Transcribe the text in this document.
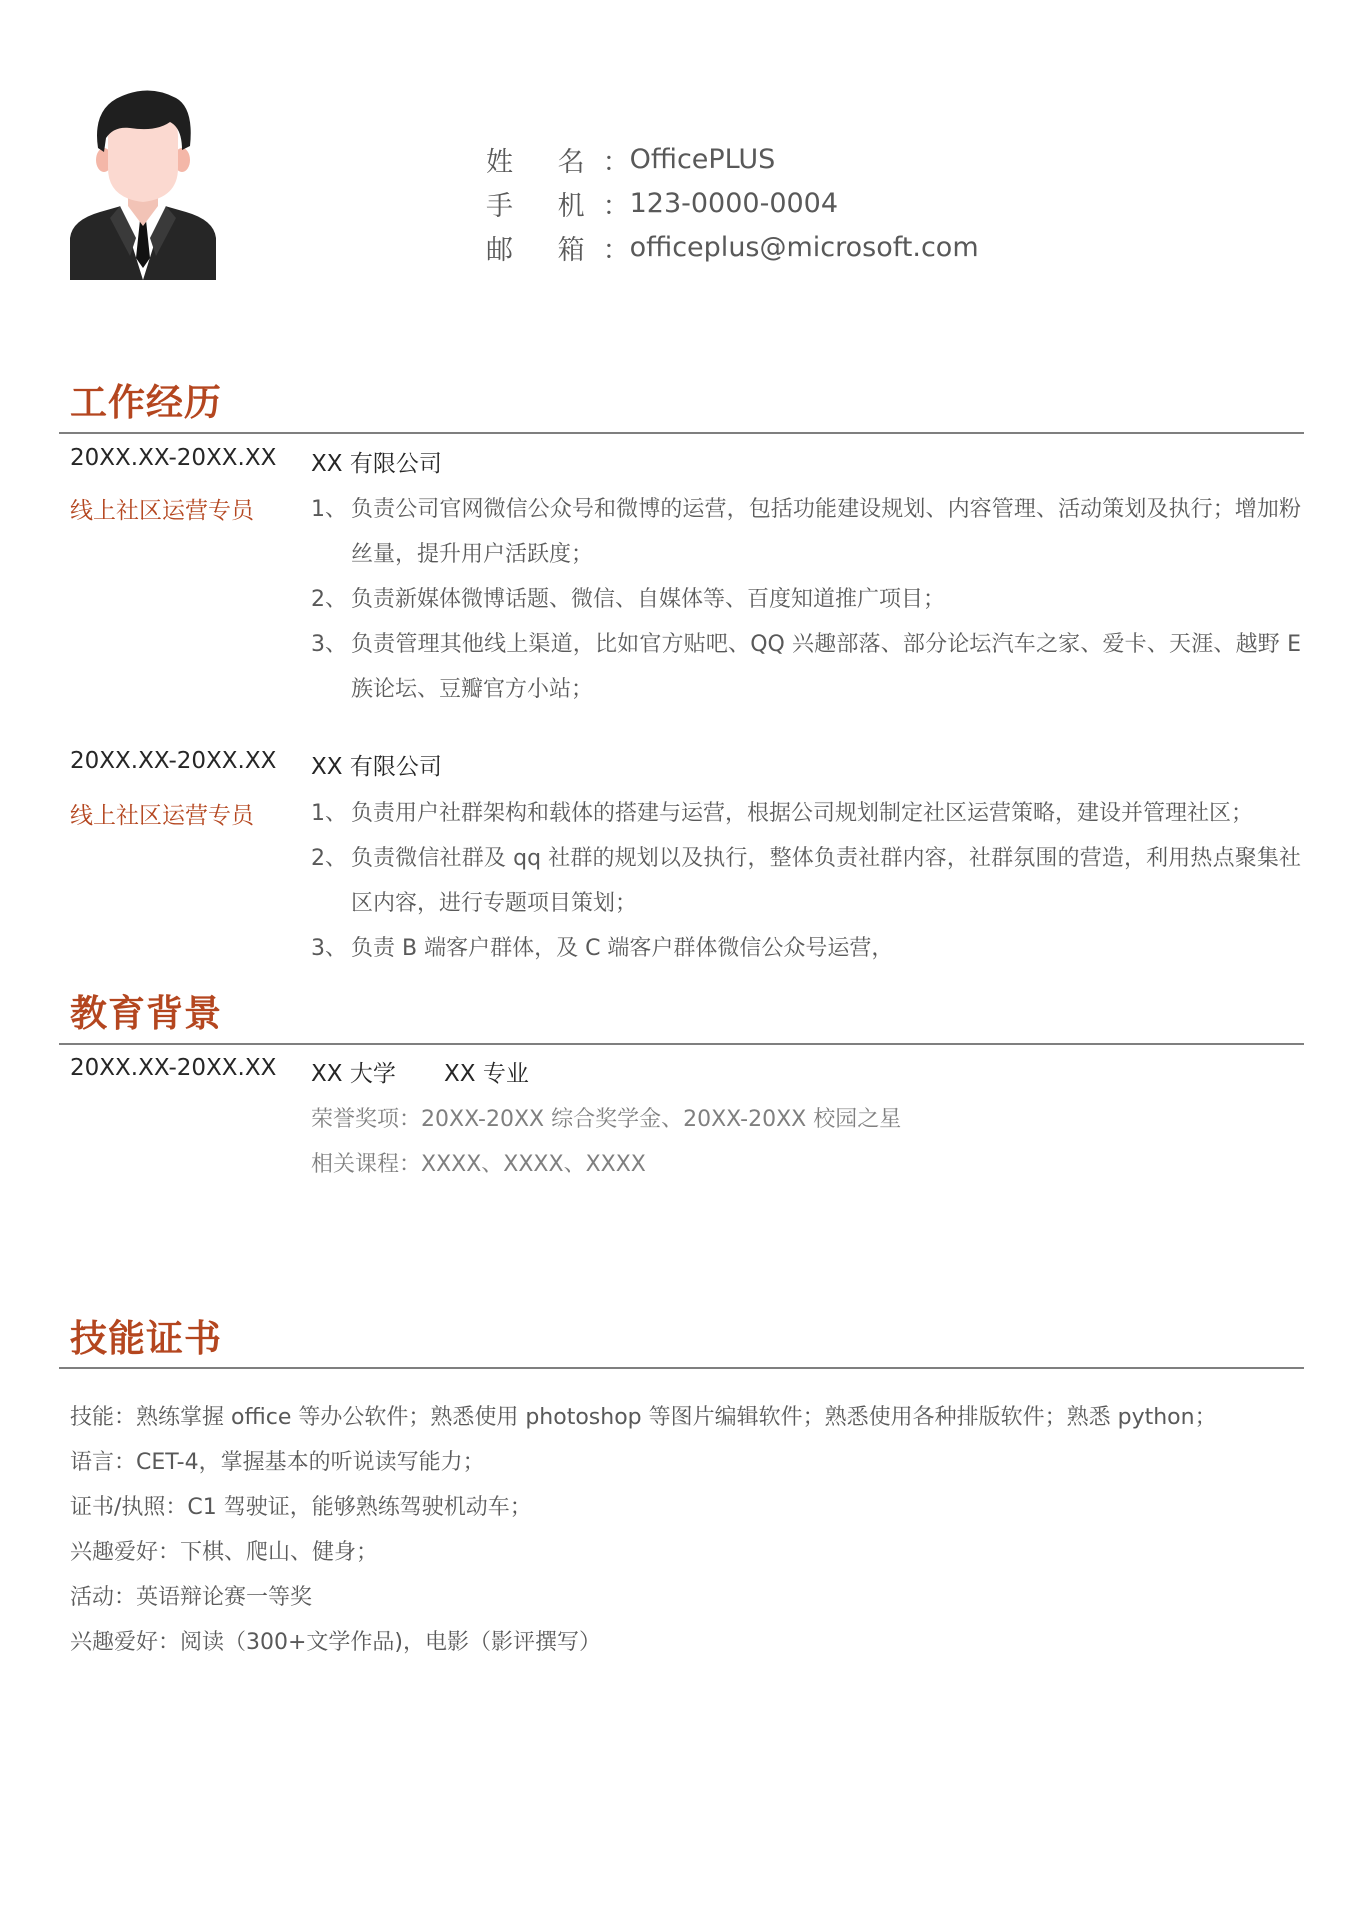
姓 名 ： OfficePLUS
手 机 ： 123-0000-0004
邮 箱 ： officeplus@microsoft.com
工作经历
20XX.XX-20XX.XX XX 有限公司
线上社区运营专员	1、 负责公司官网微信公众号和微博的运营，包括功能建设规划、内容管理、活动策划及执行；增加粉丝量，提升用户活跃度；
2、 负责新媒体微博话题、微信、自媒体等、百度知道推广项目；
3、 负责管理其他线上渠道，比如官方贴吧、QQ 兴趣部落、部分论坛汽车之家、爱卡、天涯、越野 E 族论坛、豆瓣官方小站；
20XX.XX-20XX.XX XX 有限公司
线上社区运营专员	1、 负责用户社群架构和载体的搭建与运营，根据公司规划制定社区运营策略，建设并管理社区；
2、 负责微信社群及 qq 社群的规划以及执行，整体负责社群内容，社群氛围的营造，利用热点聚集社区内容，进行专题项目策划；
3、 负责 B 端客户群体，及 C 端客户群体微信公众号运营，
教育背景
20XX.XX-20XX.XX XX 大学 XX 专业
荣誉奖项：20XX-20XX 综合奖学金、20XX-20XX 校园之星
相关课程：XXXX、XXXX、XXXX
技能证书
技能：熟练掌握 office 等办公软件；熟悉使用 photoshop 等图片编辑软件；熟悉使用各种排版软件；熟悉 python；
语言：CET-4，掌握基本的听说读写能力；
证书/执照：C1 驾驶证，能够熟练驾驶机动车；
兴趣爱好：下棋、爬山、健身；
活动：英语辩论赛一等奖
兴趣爱好：阅读（300+文学作品)，电影（影评撰写）
